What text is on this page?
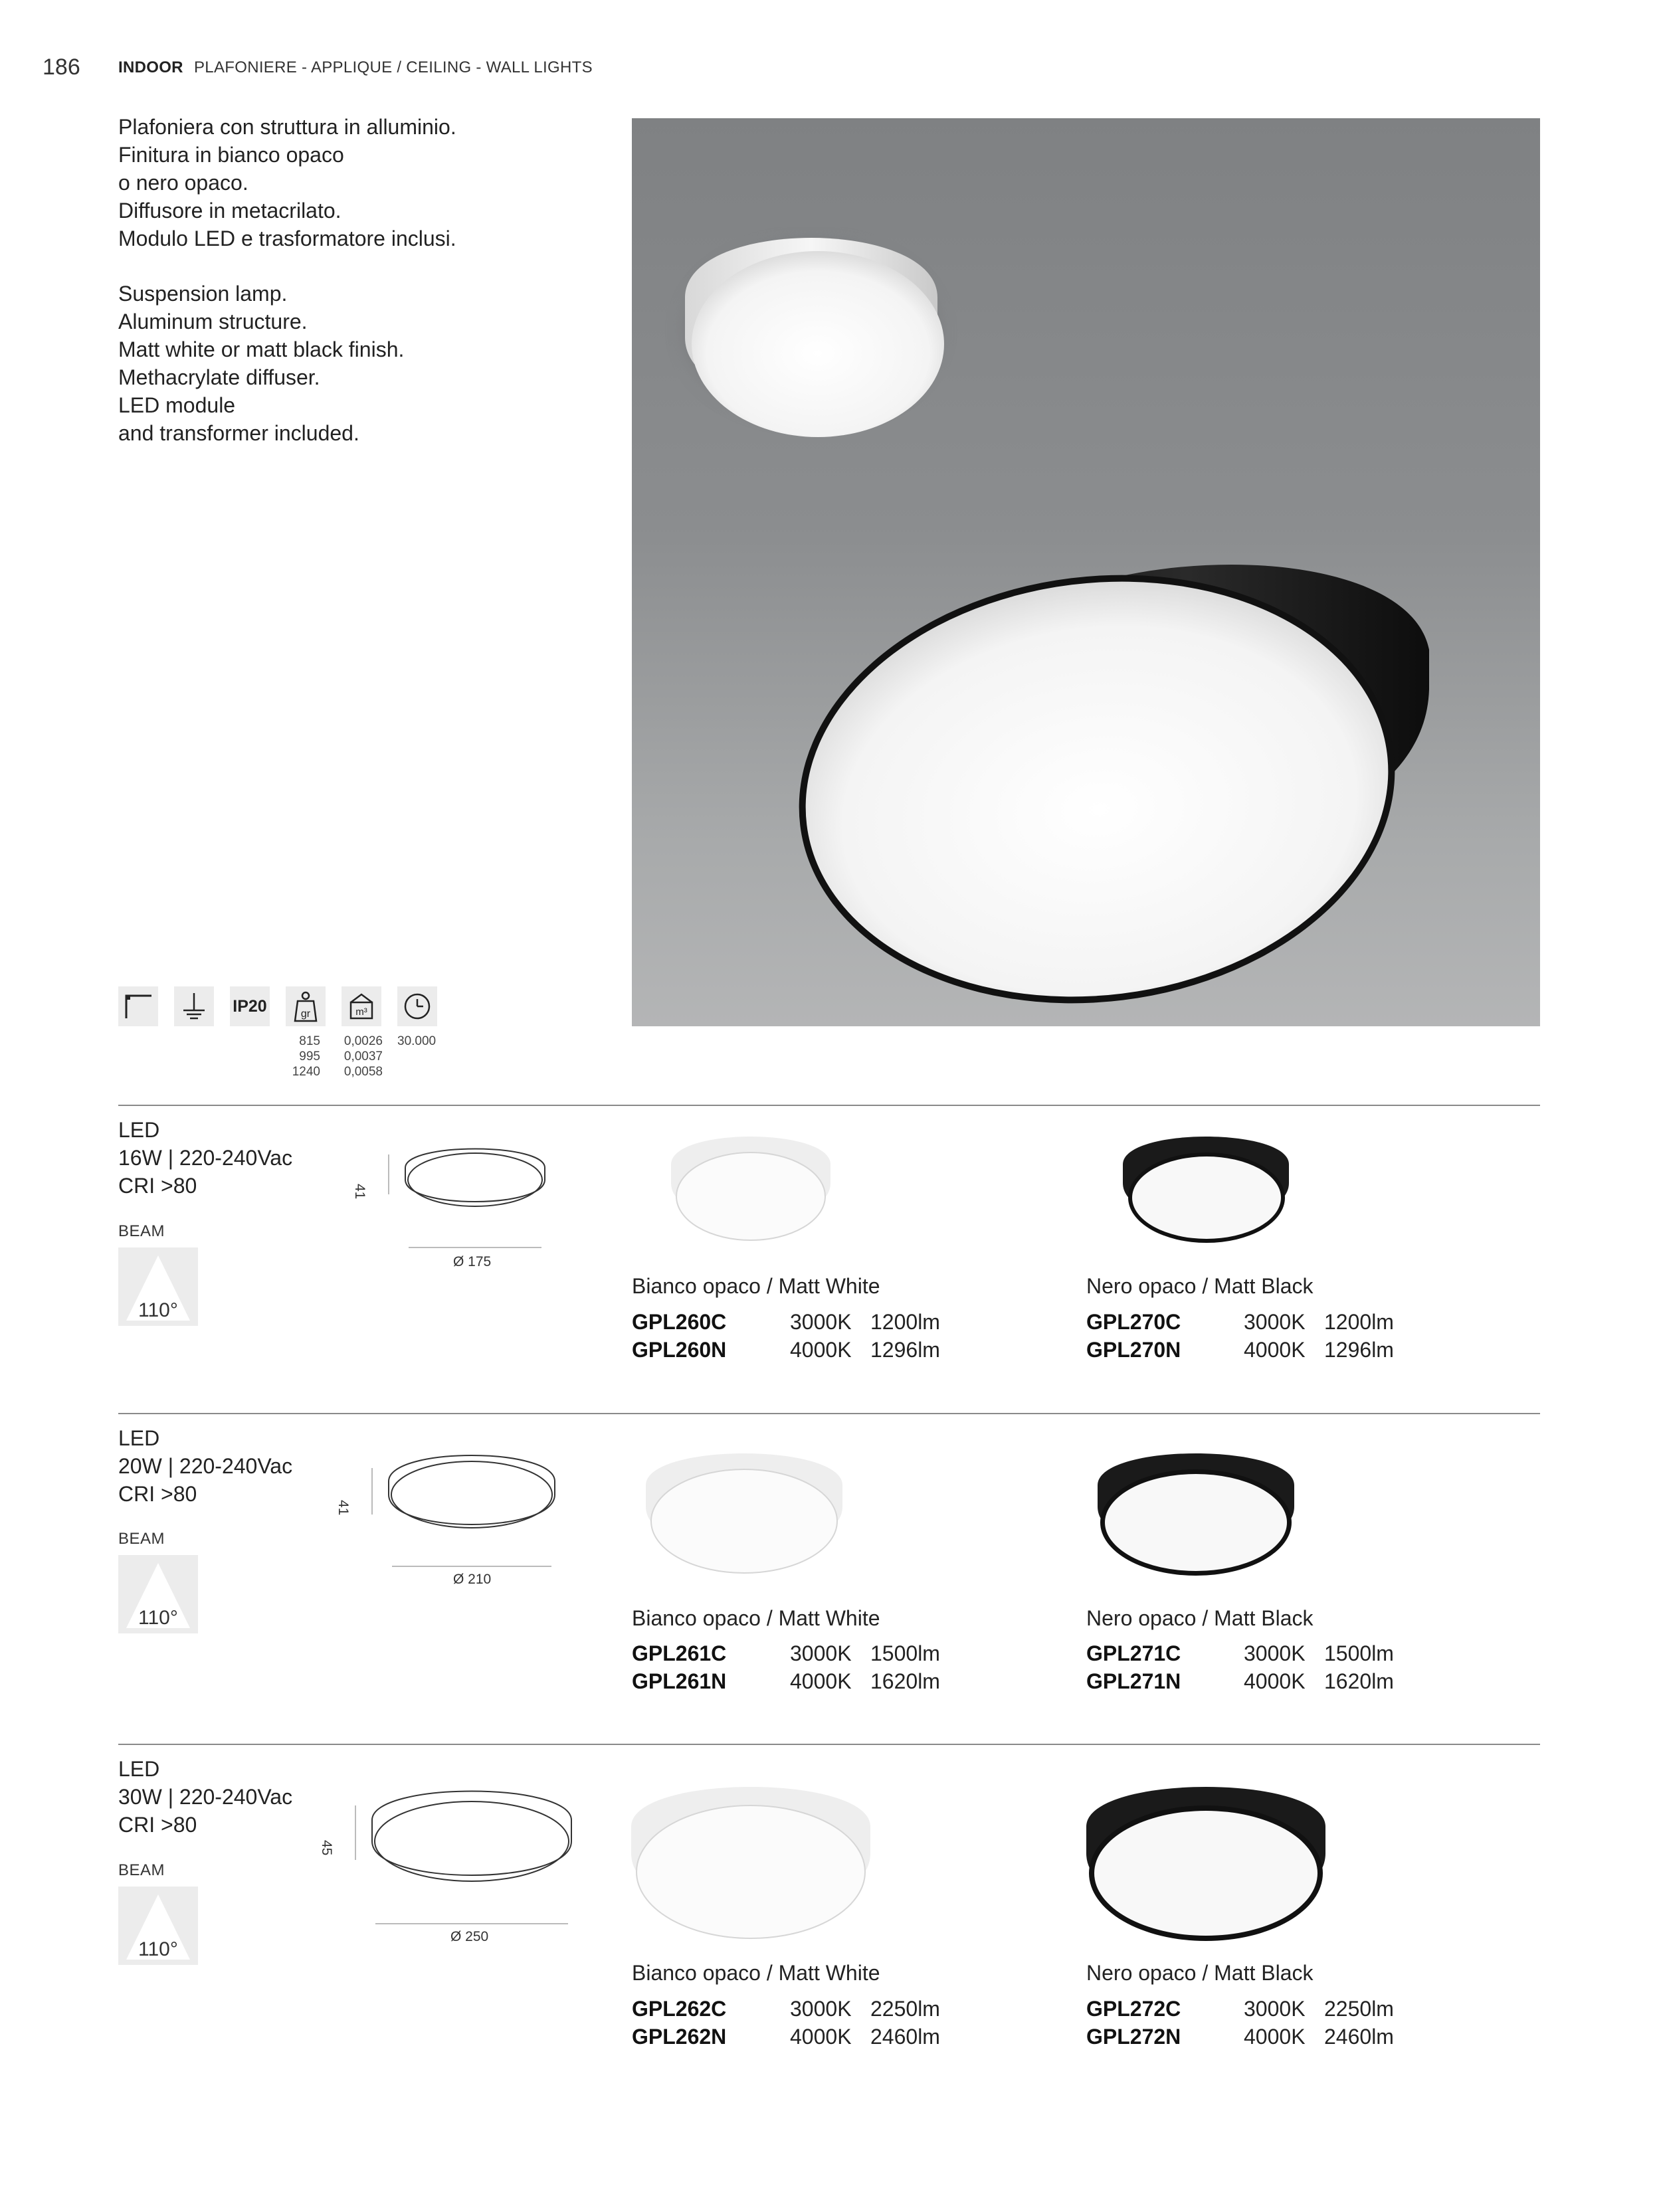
186 INDOOR PLAFONIERE - APPLIQUE / CEILING - WALL LIGHTS
Plafoniera con struttura in alluminio.
Finitura in bianco opaco
o nero opaco.
Diffusore in metacrilato.
Modulo LED e trasformatore inclusi.
Suspension lamp.
Aluminum structure.
Matt white or matt black finish.
Methacrylate diffuser.
LED module
and transformer included.
IP20	gr	m³
815
995
1240
0,0026
0,0037
0,0058
30.000
LED
16W | 220-240Vac
CRI >80
BEAM
110°
41
Ø 175
Bianco opaco / Matt White
GPL260C	3000K 1200lm
GPL260N	4000K 1296lm
Nero opaco / Matt Black
GPL270C	3000K 1200lm
GPL270N	4000K 1296lm
LED
20W | 220-240Vac
CRI >80
BEAM
110°
41
Ø 210
Bianco opaco / Matt White
GPL261C	3000K 1500lm
GPL261N	4000K 1620lm
Nero opaco / Matt Black
GPL271C	3000K 1500lm
GPL271N	4000K 1620lm
LED
30W | 220-240Vac
CRI >80
BEAM
110°
45
Ø 250
Bianco opaco / Matt White
GPL262C	3000K 2250lm
GPL262N	4000K 2460lm
Nero opaco / Matt Black
GPL272C	3000K 2250lm
GPL272N	4000K 2460lm
